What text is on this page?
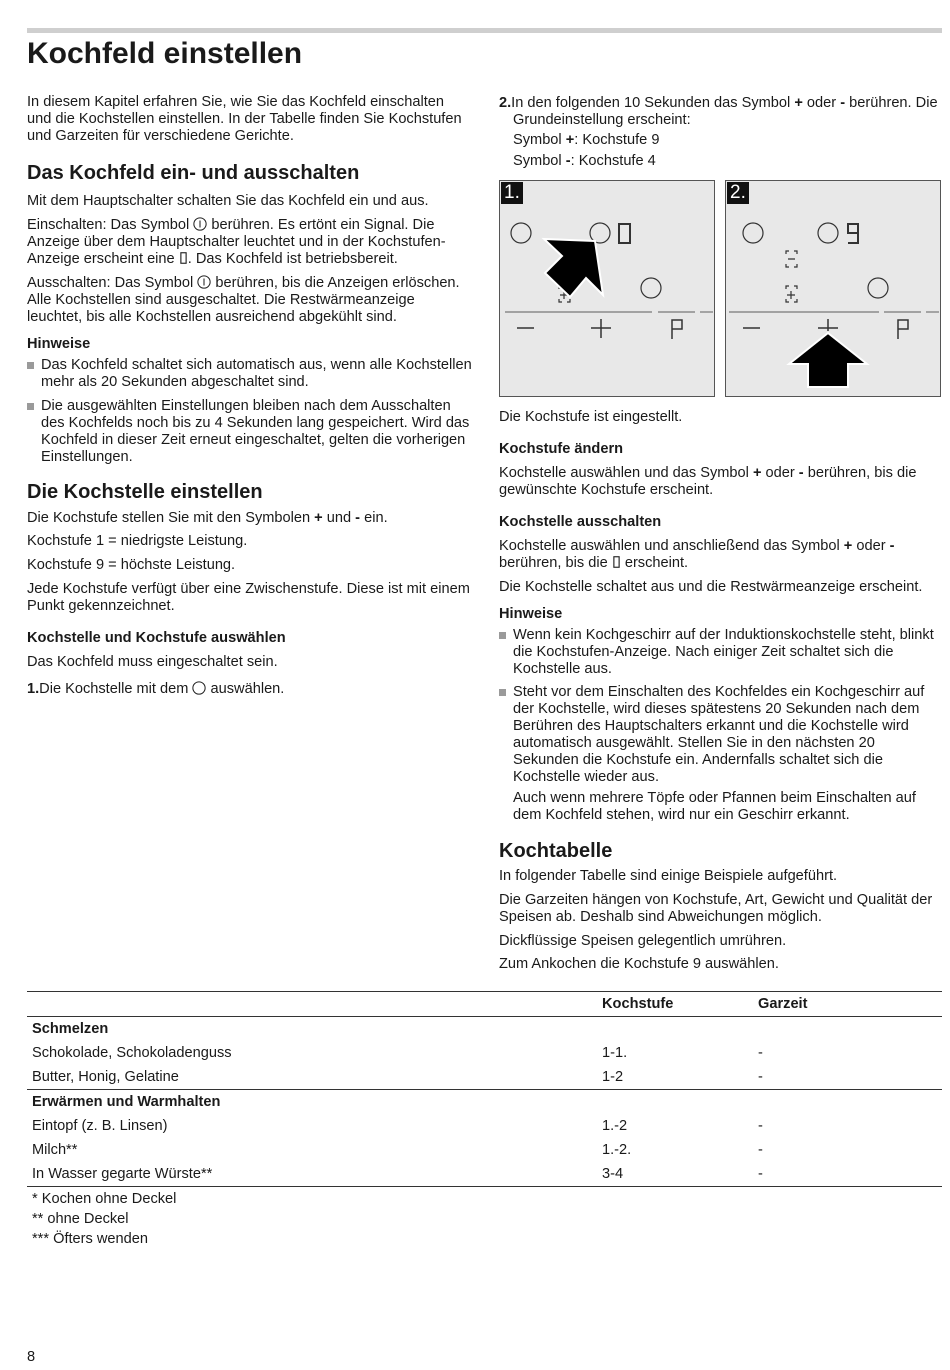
Kochfeld einstellen

In diesem Kapitel erfahren Sie, wie Sie das Kochfeld einschalten und die Kochstellen einstellen. In der Tabelle finden Sie Kochstufen und Garzeiten für verschiedene Gerichte.

Das Kochfeld ein- und ausschalten

Mit dem Hauptschalter schalten Sie das Kochfeld ein und aus.

Einschalten: Das Symbol  berühren. Es ertönt ein Signal. Die Anzeige über dem Hauptschalter leuchtet und in der Kochstufen-Anzeige erscheint eine . Das Kochfeld ist betriebsbereit.

Ausschalten: Das Symbol  berühren, bis die Anzeigen erlöschen. Alle Kochstellen sind ausgeschaltet. Die Restwärmeanzeige leuchtet, bis alle Kochstellen ausreichend abgekühlt sind.

Hinweise
Das Kochfeld schaltet sich automatisch aus, wenn alle Kochstellen mehr als 20 Sekunden abgeschaltet sind.
Die ausgewählten Einstellungen bleiben nach dem Ausschalten des Kochfelds noch bis zu 4 Sekunden lang gespeichert. Wird das Kochfeld in dieser Zeit erneut eingeschaltet, gelten die vorherigen Einstellungen.
Die Kochstelle einstellen

Die Kochstufe stellen Sie mit den Symbolen + und - ein.

Kochstufe 1 = niedrigste Leistung.

Kochstufe 9 = höchste Leistung.

Jede Kochstufe verfügt über eine Zwischenstufe. Diese ist mit einem Punkt gekennzeichnet.

Kochstelle und Kochstufe auswählen

Das Kochfeld muss eingeschaltet sein.

1.Die Kochstelle mit dem  auswählen.

2.In den folgenden 10 Sekunden das Symbol + oder - berühren. Die Grundeinstellung erscheint:

Symbol +: Kochstufe 9

Symbol -: Kochstufe 4

1.	2.

Die Kochstufe ist eingestellt.

Kochstufe ändern

Kochstelle auswählen und das Symbol + oder - berühren, bis die gewünschte Kochstufe erscheint.

Kochstelle ausschalten

Kochstelle auswählen und anschließend das Symbol + oder - berühren, bis die  erscheint.

Die Kochstelle schaltet aus und die Restwärmeanzeige erscheint.

Hinweise
Wenn kein Kochgeschirr auf der Induktionskochstelle steht, blinkt die Kochstufen-Anzeige. Nach einiger Zeit schaltet sich die Kochstelle aus.
Steht vor dem Einschalten des Kochfeldes ein Kochgeschirr auf der Kochstelle, wird dieses spätestens 20 Sekunden nach dem Berühren des Hauptschalters erkannt und die Kochstelle wird automatisch ausgewählt. Stellen Sie in den nächsten 20 Sekunden die Kochstufe ein. Andernfalls schaltet sich die Kochstelle wieder aus.

Auch wenn mehrere Töpfe oder Pfannen beim Einschalten auf dem Kochfeld stehen, wird nur ein Geschirr erkannt.

Kochtabelle

In folgender Tabelle sind einige Beispiele aufgeführt.

Die Garzeiten hängen von Kochstufe, Art, Gewicht und Qualität der Speisen ab. Deshalb sind Abweichungen möglich.

Dickflüssige Speisen gelegentlich umrühren.

Zum Ankochen die Kochstufe 9 auswählen.

	Kochstufe	Garzeit
Schmelzen		
Schokolade, Schokoladenguss	1-1.	-
Butter, Honig, Gelatine	1-2	-
Erwärmen und Warmhalten		
Eintopf (z. B. Linsen)	1.-2	-
Milch**	1.-2.	-
In Wasser gegarte Würste**	3-4	-
* Kochen ohne Deckel
** ohne Deckel
*** Öfters wenden
8
